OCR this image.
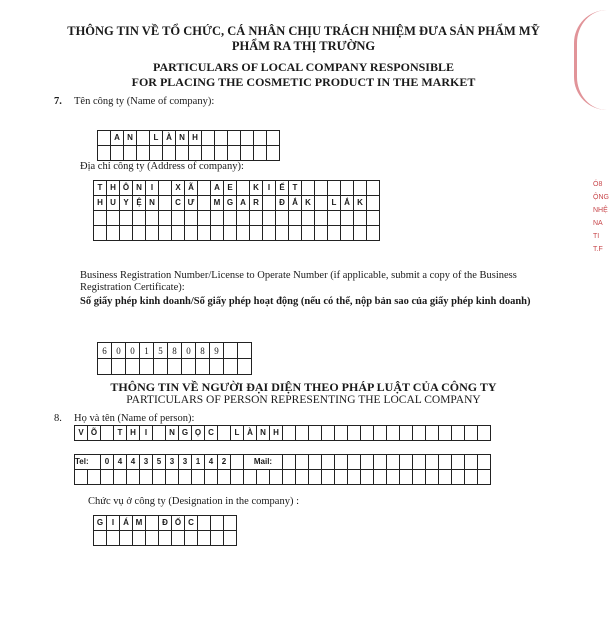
THÔNG TIN VỀ TỔ CHỨC, CÁ NHÂN CHỊU TRÁCH NHIỆM ĐƯA SẢN PHẨM MỸ
PHẨM RA THỊ TRƯỜNG
PARTICULARS OF LOCAL COMPANY RESPONSIBLE
FOR PLACING THE COSMETIC PRODUCT IN THE MARKET
7. Tên công ty (Name of company):
	A	N		L	À	N	H						

Địa chỉ công ty (Address of company):
T	H	Ô	N	I		X	Ã		A	E		K	I	Ế	T						
H	U	Y	Ệ	N		C	Ư		M	G	A	R		Đ	Ắ	K		L	Ắ	K	

Business Registration Number/License to Operate Number (if applicable, submit a copy of the Business Registration Certificate):
Số giấy phép kinh doanh/Số giấy phép hoạt động (nếu có thể, nộp bản sao của giấy phép kinh doanh)
6	0	0	1	5	8	0	8	9		

THÔNG TIN VỀ NGƯỜI ĐẠI DIỆN THEO PHÁP LUẬT CỦA CÔNG TY
PARTICULARS OF PERSON REPRESENTING THE LOCAL COMPANY
8. Họ và tên (Name of person):
V	Õ		T	H	I		N	G	Ọ	C		L	À	N	H																
Tel:		0	4	4	3	5	3	3	1	4	2		Mail:																		

Chức vụ ở công ty (Designation in the company) :
G	I	Á	M		Đ	Ố	C			

Ó8
ỘNG
NHỆ
NA
TI
T.F
